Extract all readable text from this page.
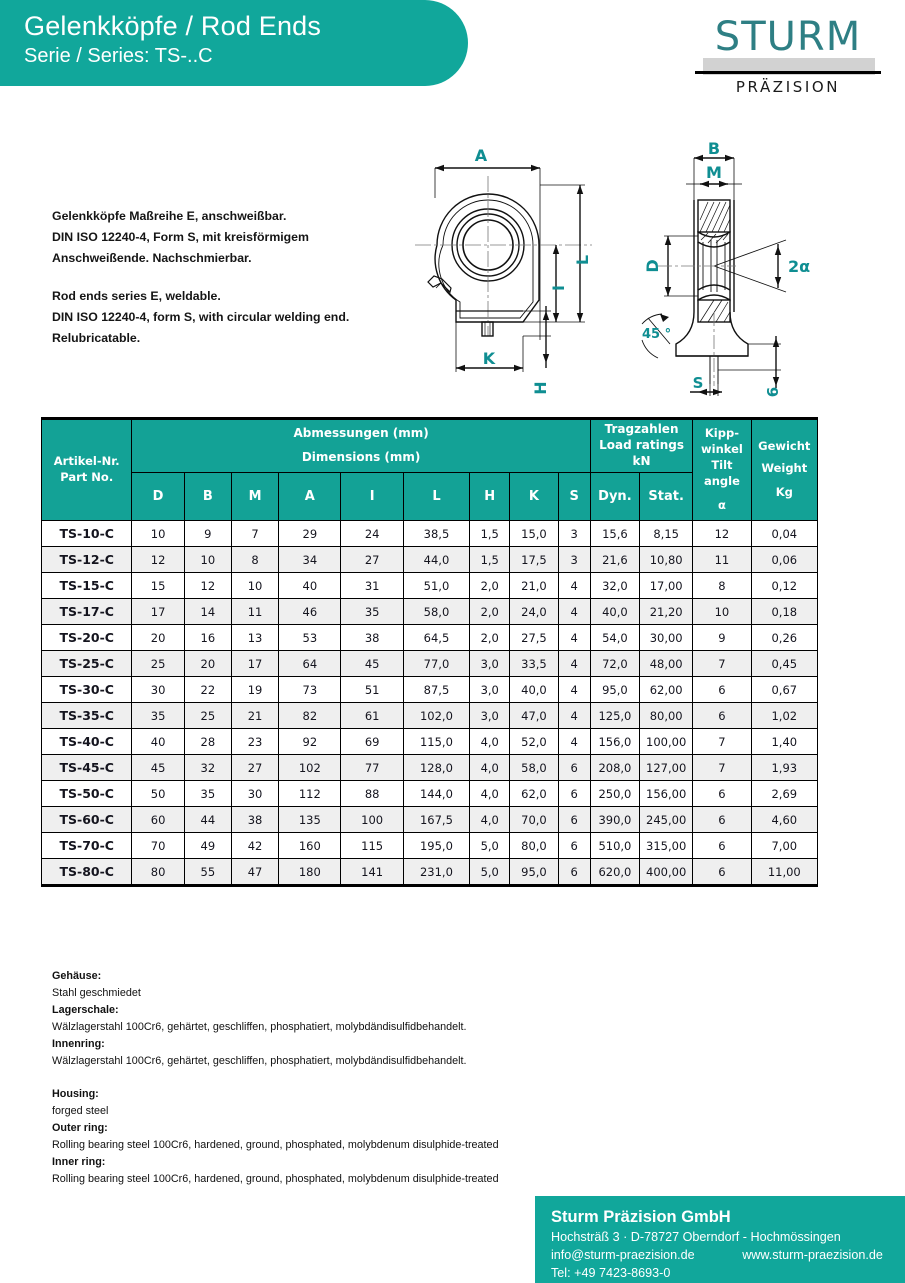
Gelenkköpfe / Rod Ends
Serie / Series: TS-..C	STURM
PRÄZISION

Gelenkköpfe Maßreihe E, anschweißbar.

DIN ISO 12240-4, Form S, mit kreisförmigem

Anschweißende. Nachschmierbar.

Rod ends series E, weldable.

DIN ISO 12240-4, form S, with circular welding end.

Relubricatable.

A
L
I
K
H
B
M
D	2α
45 °
S	6
Artikel-Nr.
Part No.

Abmessungen (mm)
Dimensions (mm)

Tragzahlen
Load ratings
kN

Kipp-
winkel
Tilt angle
α

Gewicht
Weight
Kg

	D	B	M	A	I	L	H	K	S	Dyn.	Stat.		
TS-10-C	10	9	7	29	24	38,5	1,5	15,0	3	15,6	8,15	12	0,04
TS-12-C	12	10	8	34	27	44,0	1,5	17,5	3	21,6	10,80	11	0,06
TS-15-C	15	12	10	40	31	51,0	2,0	21,0	4	32,0	17,00	8	0,12
TS-17-C	17	14	11	46	35	58,0	2,0	24,0	4	40,0	21,20	10	0,18
TS-20-C	20	16	13	53	38	64,5	2,0	27,5	4	54,0	30,00	9	0,26
TS-25-C	25	20	17	64	45	77,0	3,0	33,5	4	72,0	48,00	7	0,45
TS-30-C	30	22	19	73	51	87,5	3,0	40,0	4	95,0	62,00	6	0,67
TS-35-C	35	25	21	82	61	102,0	3,0	47,0	4	125,0	80,00	6	1,02
TS-40-C	40	28	23	92	69	115,0	4,0	52,0	4	156,0	100,00	7	1,40
TS-45-C	45	32	27	102	77	128,0	4,0	58,0	6	208,0	127,00	7	1,93
TS-50-C	50	35	30	112	88	144,0	4,0	62,0	6	250,0	156,00	6	2,69
TS-60-C	60	44	38	135	100	167,5	4,0	70,0	6	390,0	245,00	6	4,60
TS-70-C	70	49	42	160	115	195,0	5,0	80,0	6	510,0	315,00	6	7,00
TS-80-C	80	55	47	180	141	231,0	5,0	95,0	6	620,0	400,00	6	11,00

Gehäuse:

Stahl geschmiedet

Lagerschale:

Wälzlagerstahl 100Cr6, gehärtet, geschliffen, phosphatiert, molybdändisulfidbehandelt.

Innenring:

Wälzlagerstahl 100Cr6, gehärtet, geschliffen, phosphatiert, molybdändisulfidbehandelt.

Housing:

forged steel

Outer ring:

Rolling bearing steel 100Cr6, hardened, ground, phosphated, molybdenum disulphide-treated

Inner ring:

Rolling bearing steel 100Cr6, hardened, ground, phosphated, molybdenum disulphide-treated

Sturm Präzision GmbH
Hochsträß 3 · D-78727 Oberndorf - Hochmössingen
info@sturm-praezision.de	www.sturm-praezision.de
Tel: +49 7423-8693-0
